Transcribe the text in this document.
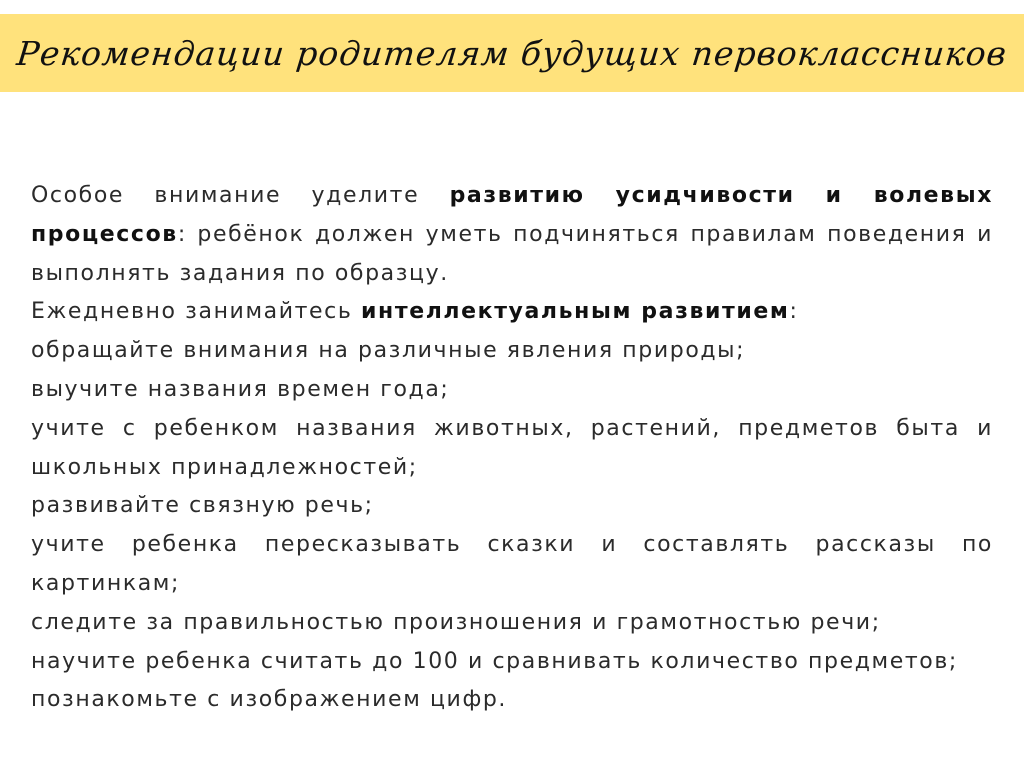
Рекомендации родителям будущих первоклассников

Особое внимание уделите развитию усидчивости и волевых процессов: ребёнок должен уметь подчиняться правилам поведения и выполнять задания по образцу.

Ежедневно занимайтесь интеллектуальным развитием:

обращайте внимания на различные явления природы;

выучите названия времен года;

учите с ребенком названия животных, растений, предметов быта и школьных принадлежностей;

развивайте связную речь;

учите ребенка пересказывать сказки и составлять рассказы по картинкам;

следите за правильностью произношения и грамотностью речи;

научите ребенка считать до 100 и сравнивать количество предметов;

познакомьте с изображением цифр.
